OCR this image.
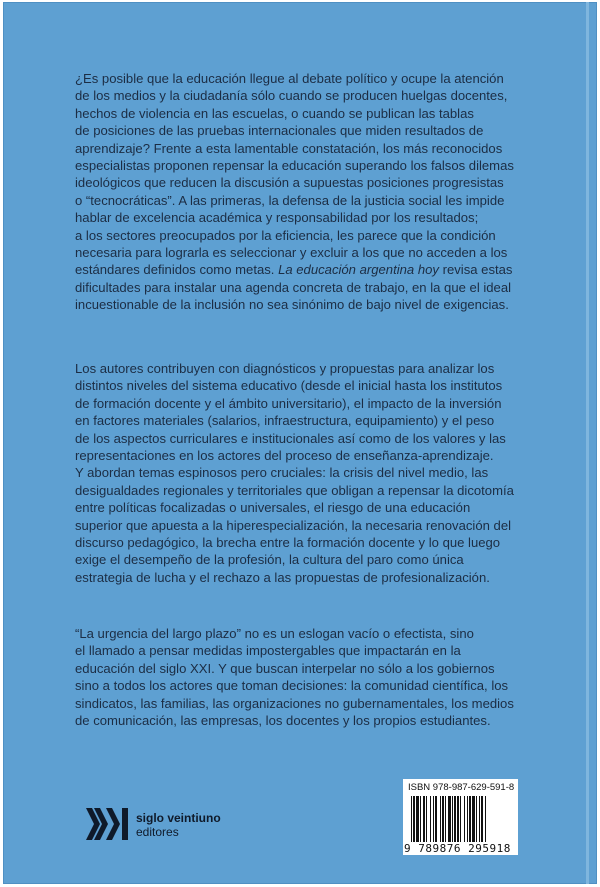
¿Es posible que la educación llegue al debate político y ocupe la atención
de los medios y la ciudadanía sólo cuando se producen huelgas docentes,
hechos de violencia en las escuelas, o cuando se publican las tablas
de posiciones de las pruebas internacionales que miden resultados de
aprendizaje? Frente a esta lamentable constatación, los más reconocidos
especialistas proponen repensar la educación superando los falsos dilemas
ideológicos que reducen la discusión a supuestas posiciones progresistas
o “tecnocráticas”. A las primeras, la defensa de la justicia social les impide
hablar de excelencia académica y responsabilidad por los resultados;
a los sectores preocupados por la eficiencia, les parece que la condición
necesaria para lograrla es seleccionar y excluir a los que no acceden a los
estándares definidos como metas. La educación argentina hoy revisa estas
dificultades para instalar una agenda concreta de trabajo, en la que el ideal
incuestionable de la inclusión no sea sinónimo de bajo nivel de exigencias.
Los autores contribuyen con diagnósticos y propuestas para analizar los
distintos niveles del sistema educativo (desde el inicial hasta los institutos
de formación docente y el ámbito universitario), el impacto de la inversión
en factores materiales (salarios, infraestructura, equipamiento) y el peso
de los aspectos curriculares e institucionales así como de los valores y las
representaciones en los actores del proceso de enseñanza-aprendizaje.
Y abordan temas espinosos pero cruciales: la crisis del nivel medio, las
desigualdades regionales y territoriales que obligan a repensar la dicotomía
entre políticas focalizadas o universales, el riesgo de una educación
superior que apuesta a la hiperespecialización, la necesaria renovación del
discurso pedagógico, la brecha entre la formación docente y lo que luego
exige el desempeño de la profesión, la cultura del paro como única
estrategia de lucha y el rechazo a las propuestas de profesionalización.
“La urgencia del largo plazo” no es un eslogan vacío o efectista, sino
el llamado a pensar medidas impostergables que impactarán en la
educación del siglo XXI. Y que buscan interpelar no sólo a los gobiernos
sino a todos los actores que toman decisiones: la comunidad científica, los
sindicatos, las familias, las organizaciones no gubernamentales, los medios
de comunicación, las empresas, los docentes y los propios estudiantes.
siglo veintiuno
editores
ISBN 978-987-629-591-8
9 789876 295918
